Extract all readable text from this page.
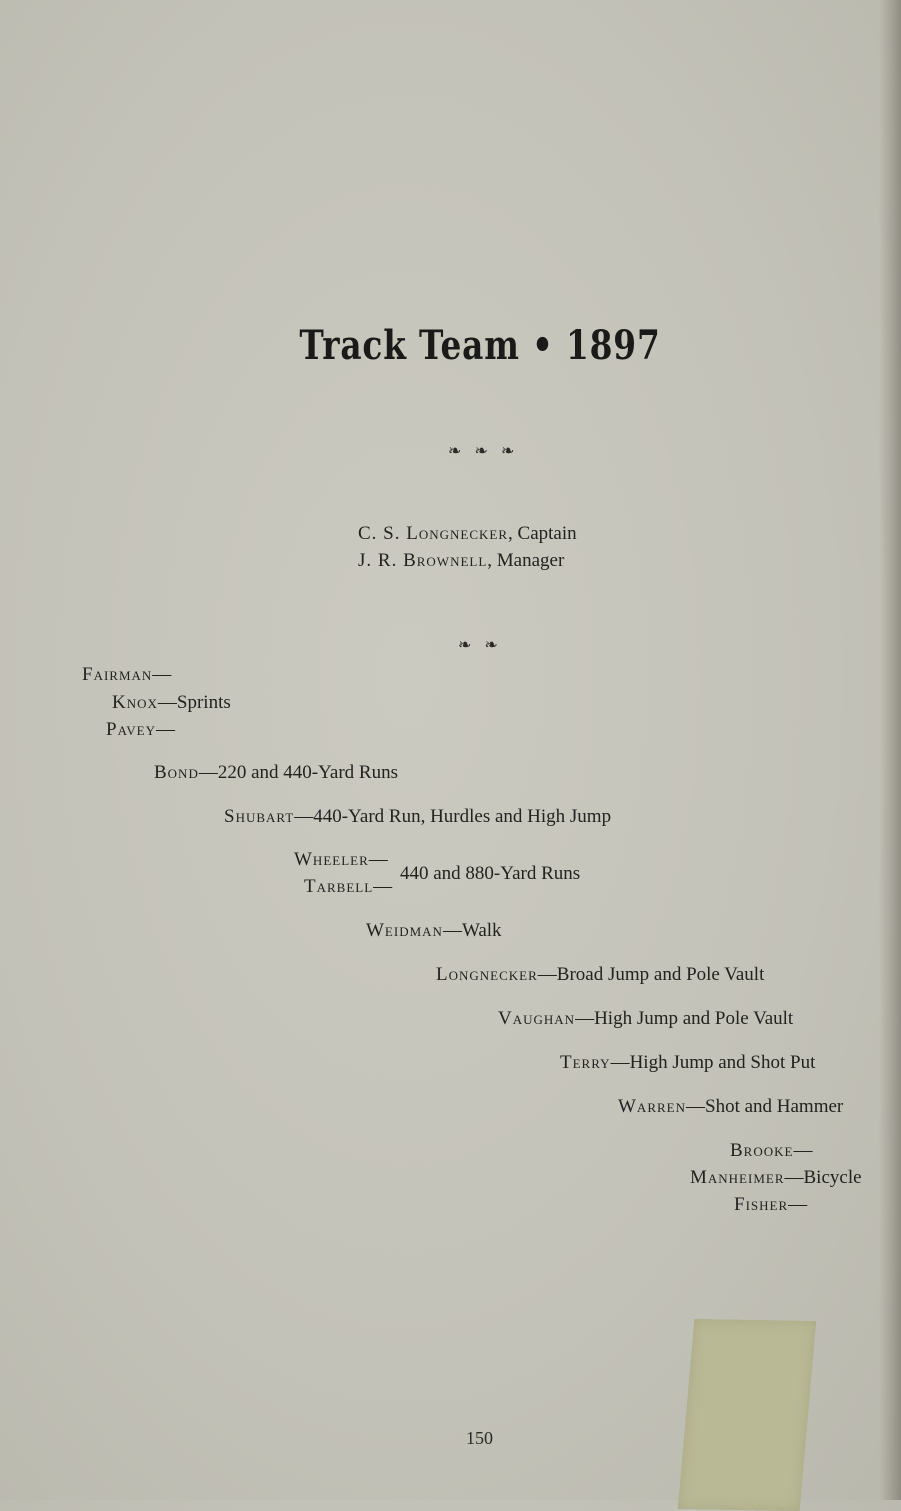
Track Team • 1897
❧ ❧ ❧
C. S. Longnecker, Captain
J. R. Brownell, Manager
❧ ❧
Fairman—
Knox—Sprints
Pavey—
Bond—220 and 440-Yard Runs
Shubart—440-Yard Run, Hurdles and High Jump
Wheeler—
440 and 880-Yard Runs
Tarbell—
Weidman—Walk
Longnecker—Broad Jump and Pole Vault
Vaughan—High Jump and Pole Vault
Terry—High Jump and Shot Put
Warren—Shot and Hammer
Brooke—
Manheimer—Bicycle
Fisher—
150
